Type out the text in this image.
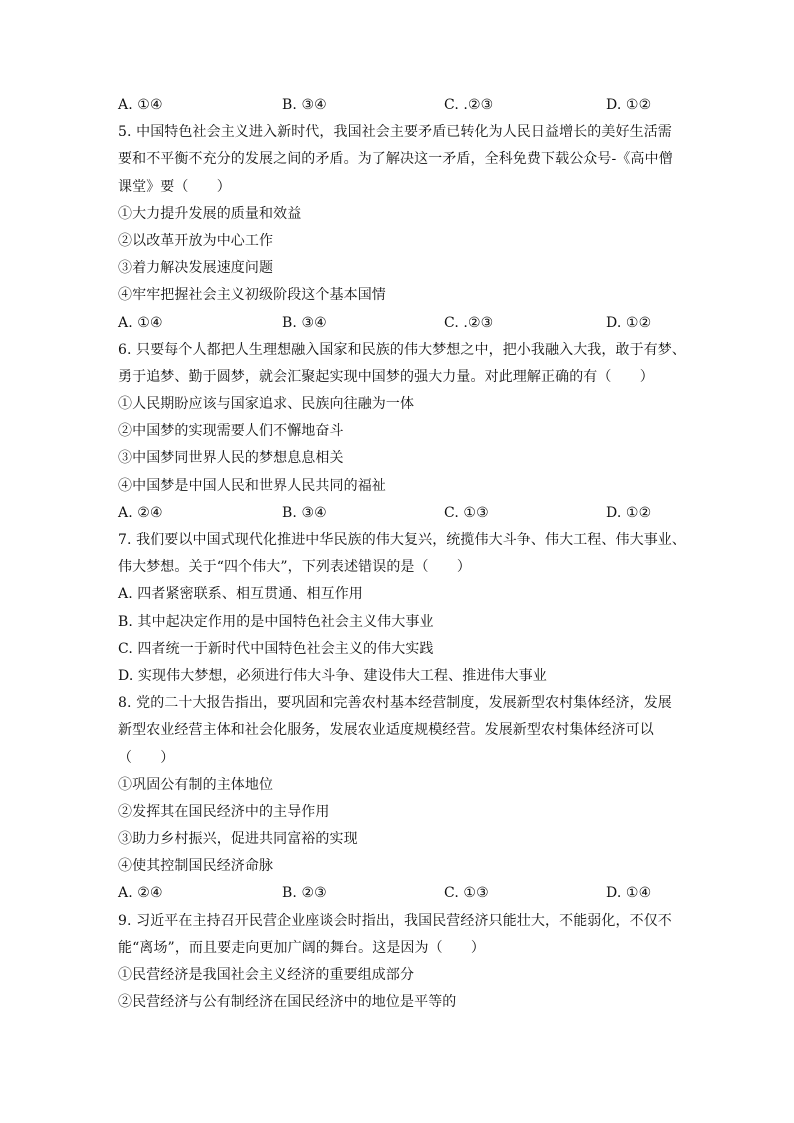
A. ①④	B. ③④	C. .②③	D. ①②
5. 中国特色社会主义进入新时代，我国社会主要矛盾已转化为人民日益增长的美好生活需
要和不平衡不充分的发展之间的矛盾。为了解决这一矛盾，全科免费下载公众号-《高中僧
课堂》要（　　）
①大力提升发展的质量和效益
②以改革开放为中心工作
③着力解决发展速度问题
④牢牢把握社会主义初级阶段这个基本国情
A. ①④	B. ③④	C. .②③	D. ①②
6. 只要每个人都把人生理想融入国家和民族的伟大梦想之中，把小我融入大我，敢于有梦、
勇于追梦、勤于圆梦，就会汇聚起实现中国梦的强大力量。对此理解正确的有（　　）
①人民期盼应该与国家追求、民族向往融为一体
②中国梦的实现需要人们不懈地奋斗
③中国梦同世界人民的梦想息息相关
④中国梦是中国人民和世界人民共同的福祉
A. ②④	B. ③④	C. ①③	D. ①②
7. 我们要以中国式现代化推进中华民族的伟大复兴，统揽伟大斗争、伟大工程、伟大事业、
伟大梦想。关于“四个伟大”，下列表述错误的是（　　）
A. 四者紧密联系、相互贯通、相互作用
B. 其中起决定作用的是中国特色社会主义伟大事业
C. 四者统一于新时代中国特色社会主义的伟大实践
D. 实现伟大梦想，必须进行伟大斗争、建设伟大工程、推进伟大事业
8. 党的二十大报告指出，要巩固和完善农村基本经营制度，发展新型农村集体经济，发展
新型农业经营主体和社会化服务，发展农业适度规模经营。发展新型农村集体经济可以
（　　）
①巩固公有制的主体地位
②发挥其在国民经济中的主导作用
③助力乡村振兴，促进共同富裕的实现
④使其控制国民经济命脉
A. ②④	B. ②③	C. ①③	D. ①④
9. 习近平在主持召开民营企业座谈会时指出，我国民营经济只能壮大，不能弱化，不仅不
能“离场”，而且要走向更加广阔的舞台。这是因为（　　）
①民营经济是我国社会主义经济的重要组成部分
②民营经济与公有制经济在国民经济中的地位是平等的
